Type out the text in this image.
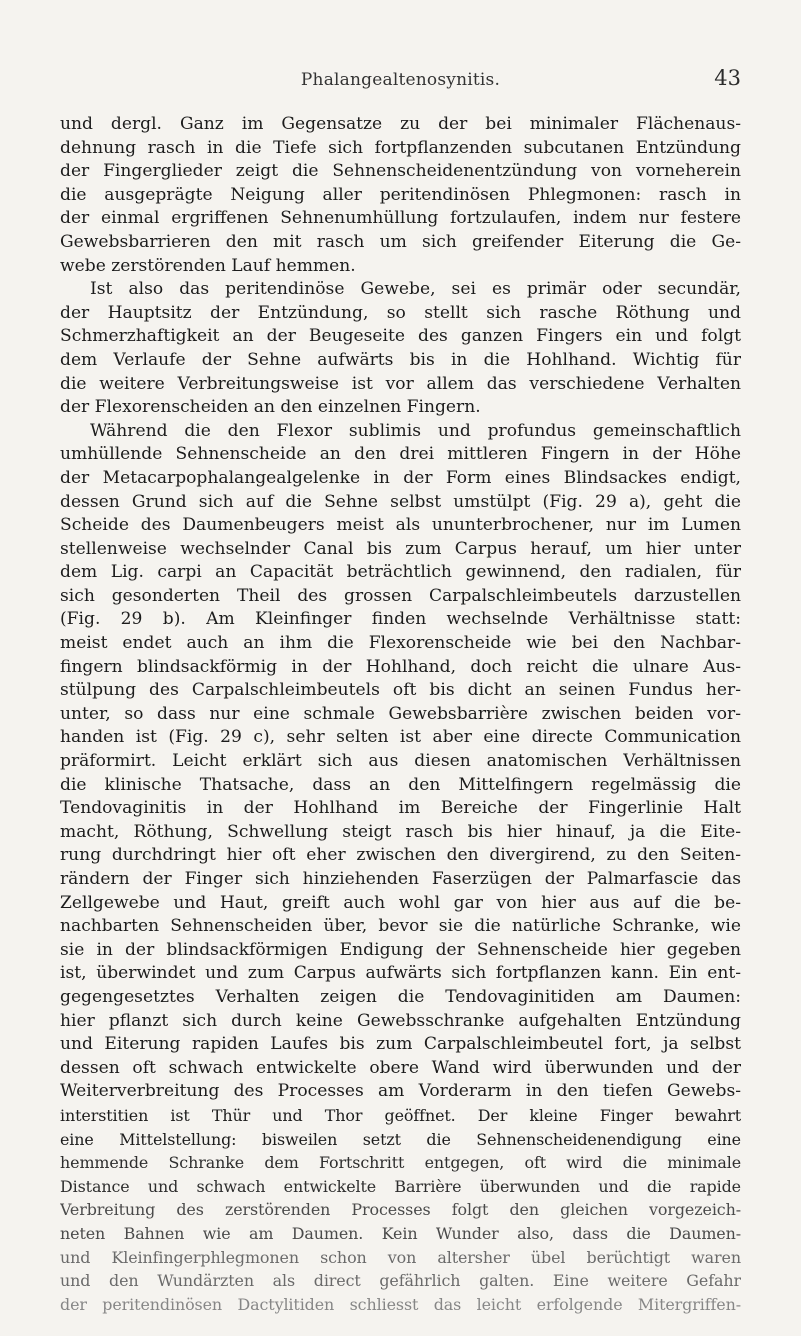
Phalangealtenosynitis.	43
und dergl. Ganz im Gegensatze zu der bei minimaler Flächenaus-
dehnung rasch in die Tiefe sich fortpflanzenden subcutanen Entzündung
der Fingerglieder zeigt die Sehnenscheidenentzündung von vorneherein
die ausgeprägte Neigung aller peritendinösen Phlegmonen: rasch in
der einmal ergriffenen Sehnenumhüllung fortzulaufen, indem nur festere
Gewebsbarrieren den mit rasch um sich greifender Eiterung die Ge-
webe zerstörenden Lauf hemmen.
Ist also das peritendinöse Gewebe, sei es primär oder secundär,
der Hauptsitz der Entzündung, so stellt sich rasche Röthung und
Schmerzhaftigkeit an der Beugeseite des ganzen Fingers ein und folgt
dem Verlaufe der Sehne aufwärts bis in die Hohlhand. Wichtig für
die weitere Verbreitungsweise ist vor allem das verschiedene Verhalten
der Flexorenscheiden an den einzelnen Fingern.
Während die den Flexor sublimis und profundus gemeinschaftlich
umhüllende Sehnenscheide an den drei mittleren Fingern in der Höhe
der Metacarpophalangealgelenke in der Form eines Blindsackes endigt,
dessen Grund sich auf die Sehne selbst umstülpt (Fig. 29 a), geht die
Scheide des Daumenbeugers meist als ununterbrochener, nur im Lumen
stellenweise wechselnder Canal bis zum Carpus herauf, um hier unter
dem Lig. carpi an Capacität beträchtlich gewinnend, den radialen, für
sich gesonderten Theil des grossen Carpalschleimbeutels darzustellen
(Fig. 29 b). Am Kleinfinger finden wechselnde Verhältnisse statt:
meist endet auch an ihm die Flexorenscheide wie bei den Nachbar-
fingern blindsackförmig in der Hohlhand, doch reicht die ulnare Aus-
stülpung des Carpalschleimbeutels oft bis dicht an seinen Fundus her-
unter, so dass nur eine schmale Gewebsbarrière zwischen beiden vor-
handen ist (Fig. 29 c), sehr selten ist aber eine directe Communication
präformirt. Leicht erklärt sich aus diesen anatomischen Verhältnissen
die klinische Thatsache, dass an den Mittelfingern regelmässig die
Tendovaginitis in der Hohlhand im Bereiche der Fingerlinie Halt
macht, Röthung, Schwellung steigt rasch bis hier hinauf, ja die Eite-
rung durchdringt hier oft eher zwischen den divergirend, zu den Seiten-
rändern der Finger sich hinziehenden Faserzügen der Palmarfascie das
Zellgewebe und Haut, greift auch wohl gar von hier aus auf die be-
nachbarten Sehnenscheiden über, bevor sie die natürliche Schranke, wie
sie in der blindsackförmigen Endigung der Sehnenscheide hier gegeben
ist, überwindet und zum Carpus aufwärts sich fortpflanzen kann. Ein ent-
gegengesetztes Verhalten zeigen die Tendovaginitiden am Daumen:
hier pflanzt sich durch keine Gewebsschranke aufgehalten Entzündung
und Eiterung rapiden Laufes bis zum Carpalschleimbeutel fort, ja selbst
dessen oft schwach entwickelte obere Wand wird überwunden und der
Weiterverbreitung des Processes am Vorderarm in den tiefen Gewebs-
interstitien ist Thür und Thor geöffnet. Der kleine Finger bewahrt
eine Mittelstellung: bisweilen setzt die Sehnenscheidenendigung eine
hemmende Schranke dem Fortschritt entgegen, oft wird die minimale
Distance und schwach entwickelte Barrière überwunden und die rapide
Verbreitung des zerstörenden Processes folgt den gleichen vorgezeich-
neten Bahnen wie am Daumen. Kein Wunder also, dass die Daumen-
und Kleinfingerphlegmonen schon von altersher übel berüchtigt waren
und den Wundärzten als direct gefährlich galten. Eine weitere Gefahr
der peritendinösen Dactylitiden schliesst das leicht erfolgende Mitergriffen-
